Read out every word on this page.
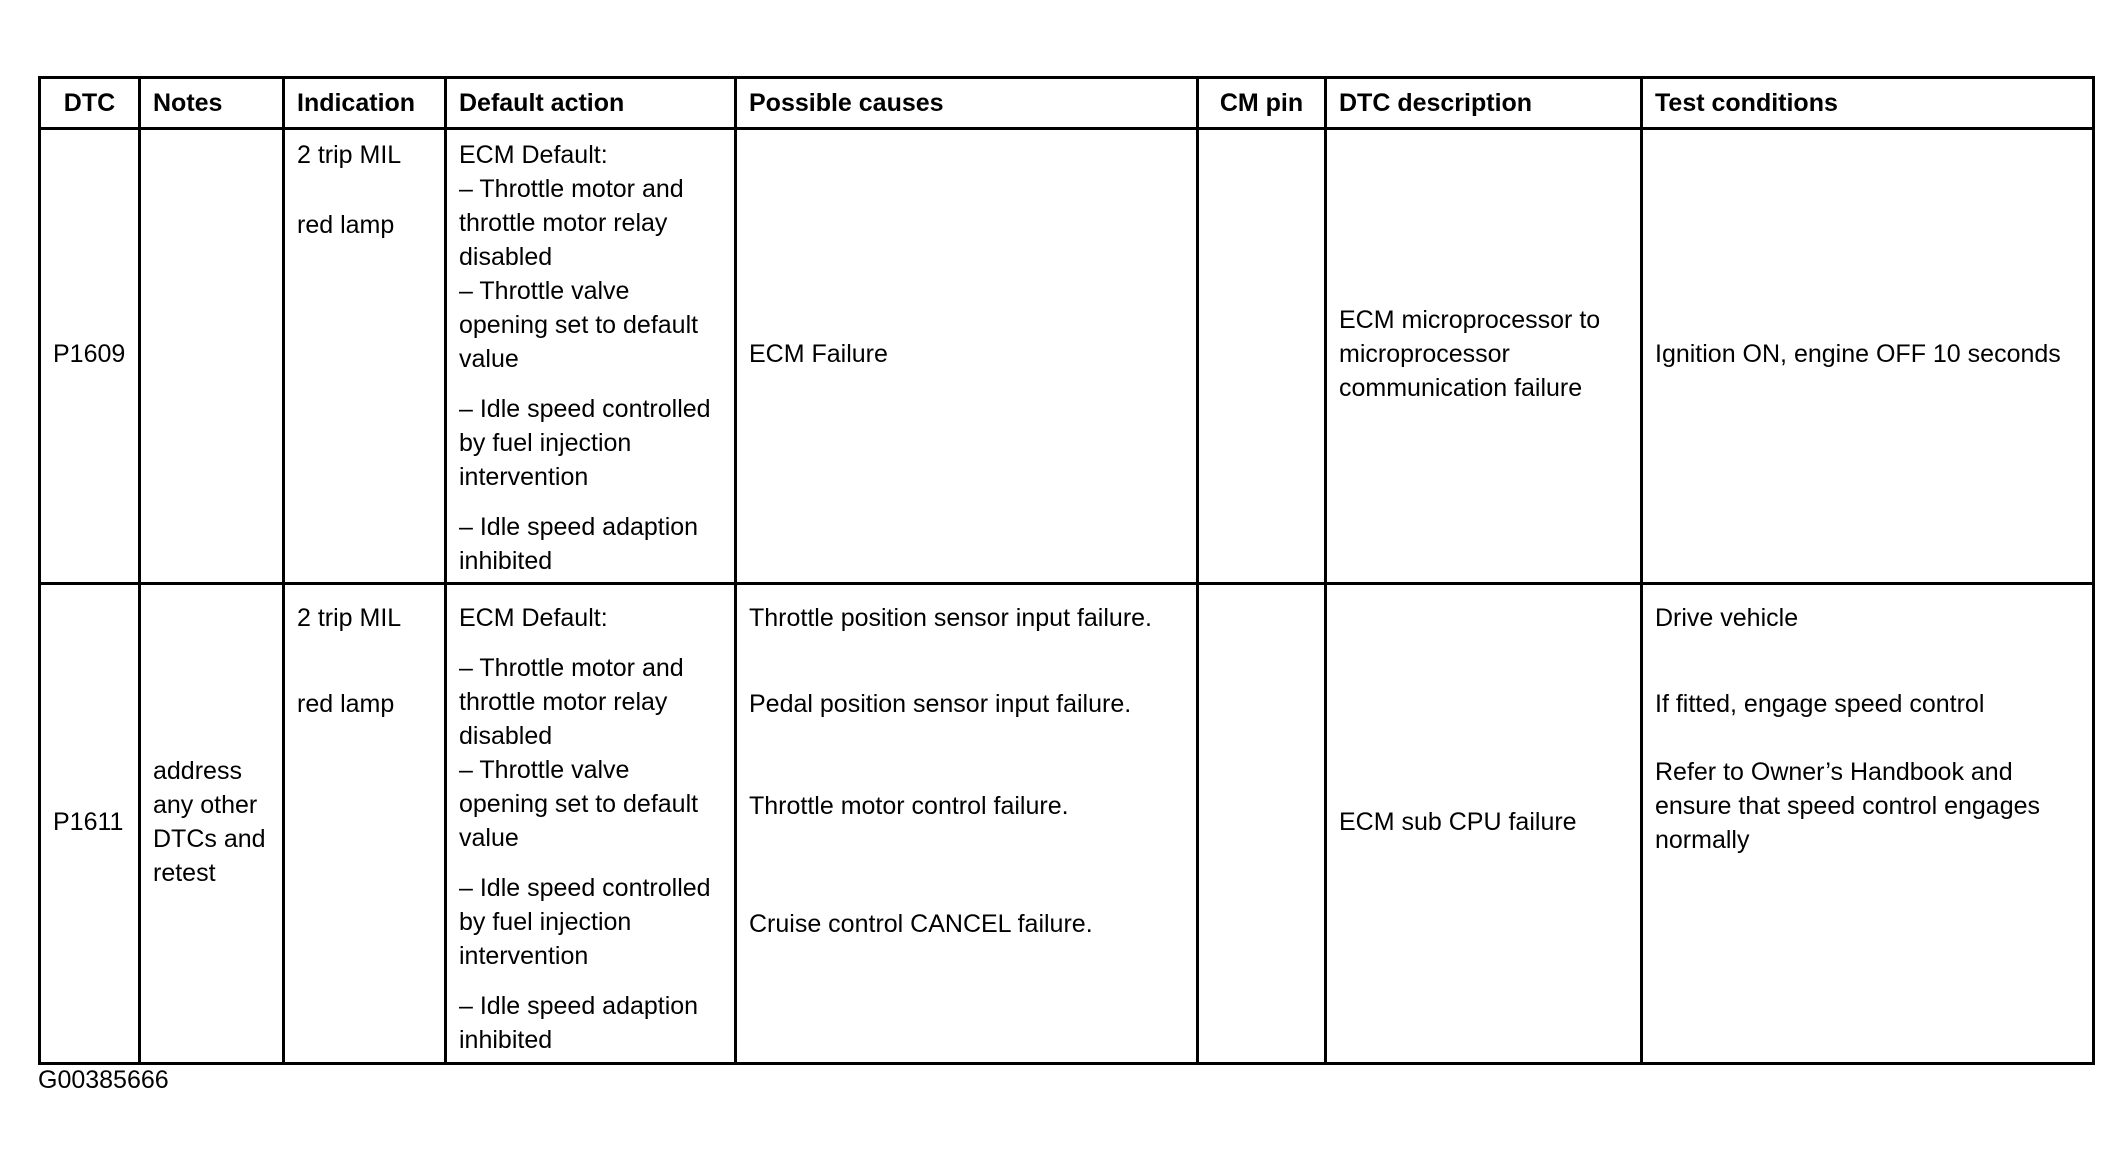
DTC	Notes	Indication	Default action	Possible causes	CM pin	DTC description	Test conditions
P1609		2 trip MIL
red lamp	ECM Default:
– Throttle motor and throttle motor relay disabled
– Throttle valve opening set to default value
– Idle speed controlled by fuel injection intervention
– Idle speed adaption inhibited	ECM Failure		ECM microprocessor to microprocessor communication failure	Ignition ON, engine OFF 10 seconds

P1611	address any other DTCs and retest	2 trip MIL
red lamp	ECM Default:
– Throttle motor and throttle motor relay disabled
– Throttle valve opening set to default value
– Idle speed controlled by fuel injection intervention
– Idle speed adaption inhibited	Throttle position sensor input failure.
Pedal position sensor input failure.
Throttle motor control failure.
Cruise control CANCEL failure.		ECM sub CPU failure	Drive vehicle
If fitted, engage speed control
Refer to Owner’s Handbook and ensure that speed control engages normally
G00385666
